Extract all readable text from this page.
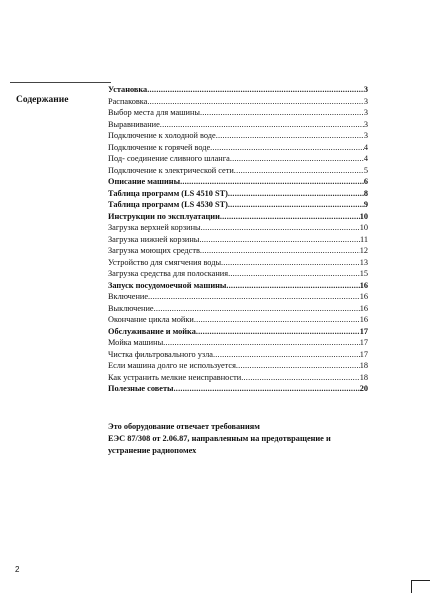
Содержание
Установка .....	3
Распаковка .....	3
Выбор места для машины .....	3
Выравнивание .....	3
Подключение к холодной воде .....	3
Подключение к горячей воде .....	4
Под- соединение сливного шланга .....	4
Подключение к электрической сети .....	5
Описание машины .....	6
Таблица программ (LS 4510 ST) .....	8
Таблица программ (LS 4530 ST) .....	9
Инструкции по эксплуатации .....	10
Загрузка верхней корзины .....	10
Загрузка нижней корзины .....	11
Загрузка моющих средств .....	12
Устройство для смягчения воды .....	13
Загрузка средства для полоскания .....	15
Запуск посудомоечной машины .....	16
Включение .....	16
Выключение .....	16
Окончание цикла мойки .....	16
Обслуживание и мойка .....	17
Мойка машины .....	17
Чистка фильтровального узла .....	17
Если машина долго не используется .....	18
Как устранить мелкие неисправности .....	18
Полезные советы .....	20
Это оборудование отвечает требованиям
ЕЭС 87/308 от 2.06.87, направленным на предотвращение и
устранение радиопомех
2
